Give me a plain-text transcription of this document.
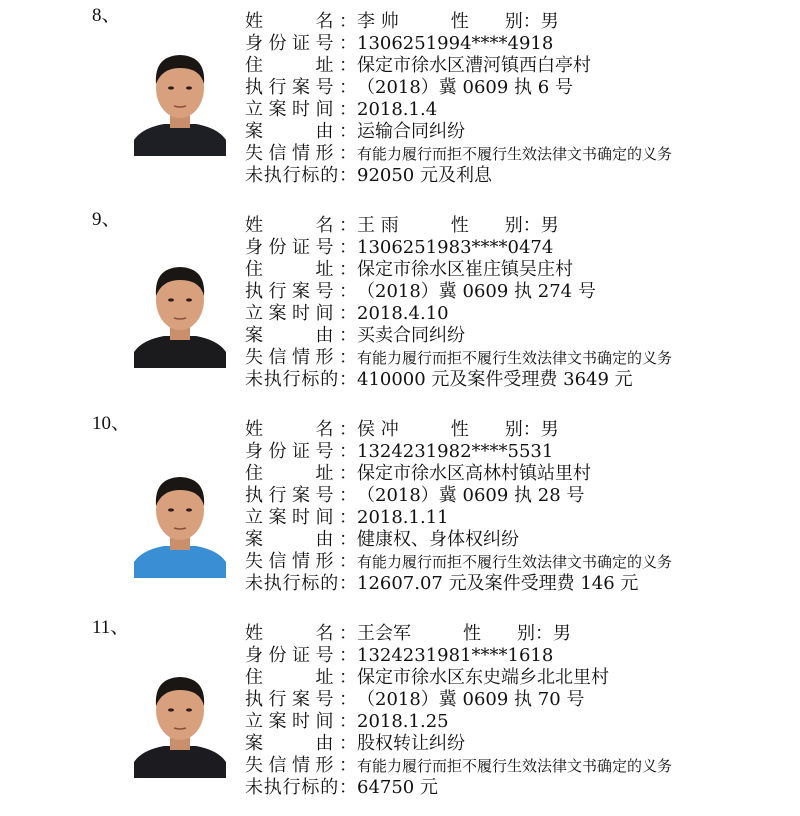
8、	姓　　名：李 帅	性　　别：男
身份证号：1306251994****4918
住　　址：保定市徐水区漕河镇西白亭村
执行案号：（2018）冀 0609 执 6 号
立案时间：2018.1.4
案　　由：运输合同纠纷
失信情形：有能力履行而拒不履行生效法律文书确定的义务
未执行标的：92050 元及利息
9、	姓　　名：王 雨	性　　别：男
身份证号：1306251983****0474
住　　址：保定市徐水区崔庄镇吴庄村
执行案号：（2018）冀 0609 执 274 号
立案时间：2018.4.10
案　　由：买卖合同纠纷
失信情形：有能力履行而拒不履行生效法律文书确定的义务
未执行标的：410000 元及案件受理费 3649 元
10、	姓　　名：侯 冲	性　　别：男
身份证号：1324231982****5531
住　　址：保定市徐水区高林村镇站里村
执行案号：（2018）冀 0609 执 28 号
立案时间：2018.1.11
案　　由：健康权、身体权纠纷
失信情形：有能力履行而拒不履行生效法律文书确定的义务
未执行标的：12607.07 元及案件受理费 146 元
11、	姓　　名：王会军	性　　别：男
身份证号：1324231981****1618
住　　址：保定市徐水区东史端乡北北里村
执行案号：（2018）冀 0609 执 70 号
立案时间：2018.1.25
案　　由：股权转让纠纷
失信情形：有能力履行而拒不履行生效法律文书确定的义务
未执行标的：64750 元
